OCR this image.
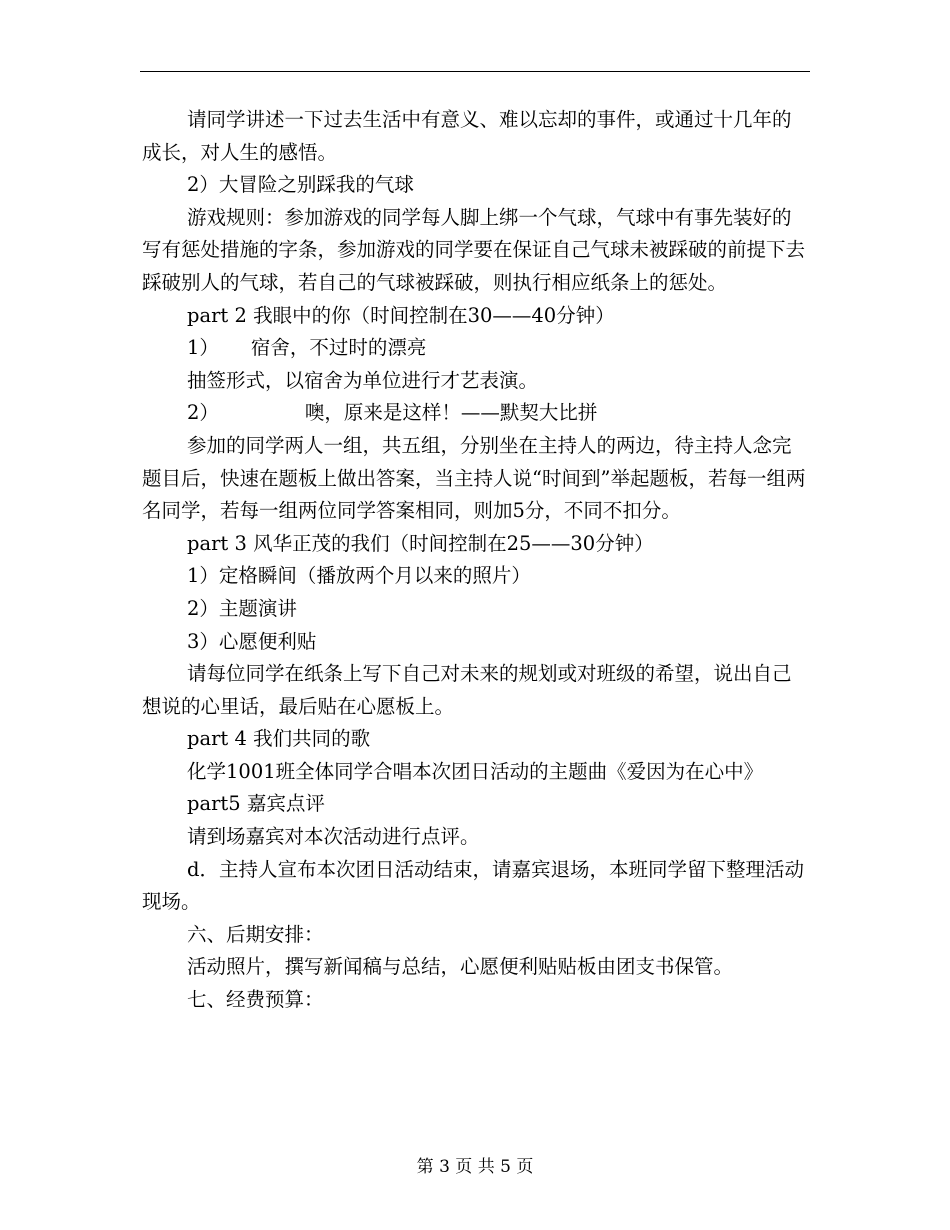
请同学讲述一下过去生活中有意义、难以忘却的事件，或通过十几年的成长，对人生的感悟。

2）大冒险之别踩我的气球

游戏规则：参加游戏的同学每人脚上绑一个气球，气球中有事先装好的写有惩处措施的字条，参加游戏的同学要在保证自己气球未被踩破的前提下去踩破别人的气球，若自己的气球被踩破，则执行相应纸条上的惩处。

part 2 我眼中的你（时间控制在30——40分钟）

1） 宿舍，不过时的漂亮

抽签形式，以宿舍为单位进行才艺表演。

2）	噢，原来是这样！——默契大比拼

参加的同学两人一组，共五组，分别坐在主持人的两边，待主持人念完题目后，快速在题板上做出答案，当主持人说“时间到”举起题板，若每一组两名同学，若每一组两位同学答案相同，则加5分，不同不扣分。

part 3 风华正茂的我们（时间控制在25——30分钟）

1）定格瞬间（播放两个月以来的照片）

2）主题演讲

3）心愿便利贴

请每位同学在纸条上写下自己对未来的规划或对班级的希望，说出自己想说的心里话，最后贴在心愿板上。

part 4 我们共同的歌

化学1001班全体同学合唱本次团日活动的主题曲《爱因为在心中》

part5 嘉宾点评

请到场嘉宾对本次活动进行点评。

d．主持人宣布本次团日活动结束，请嘉宾退场，本班同学留下整理活动现场。

六、后期安排：

活动照片，撰写新闻稿与总结，心愿便利贴贴板由团支书保管。

七、经费预算：

第 3 页 共 5 页
